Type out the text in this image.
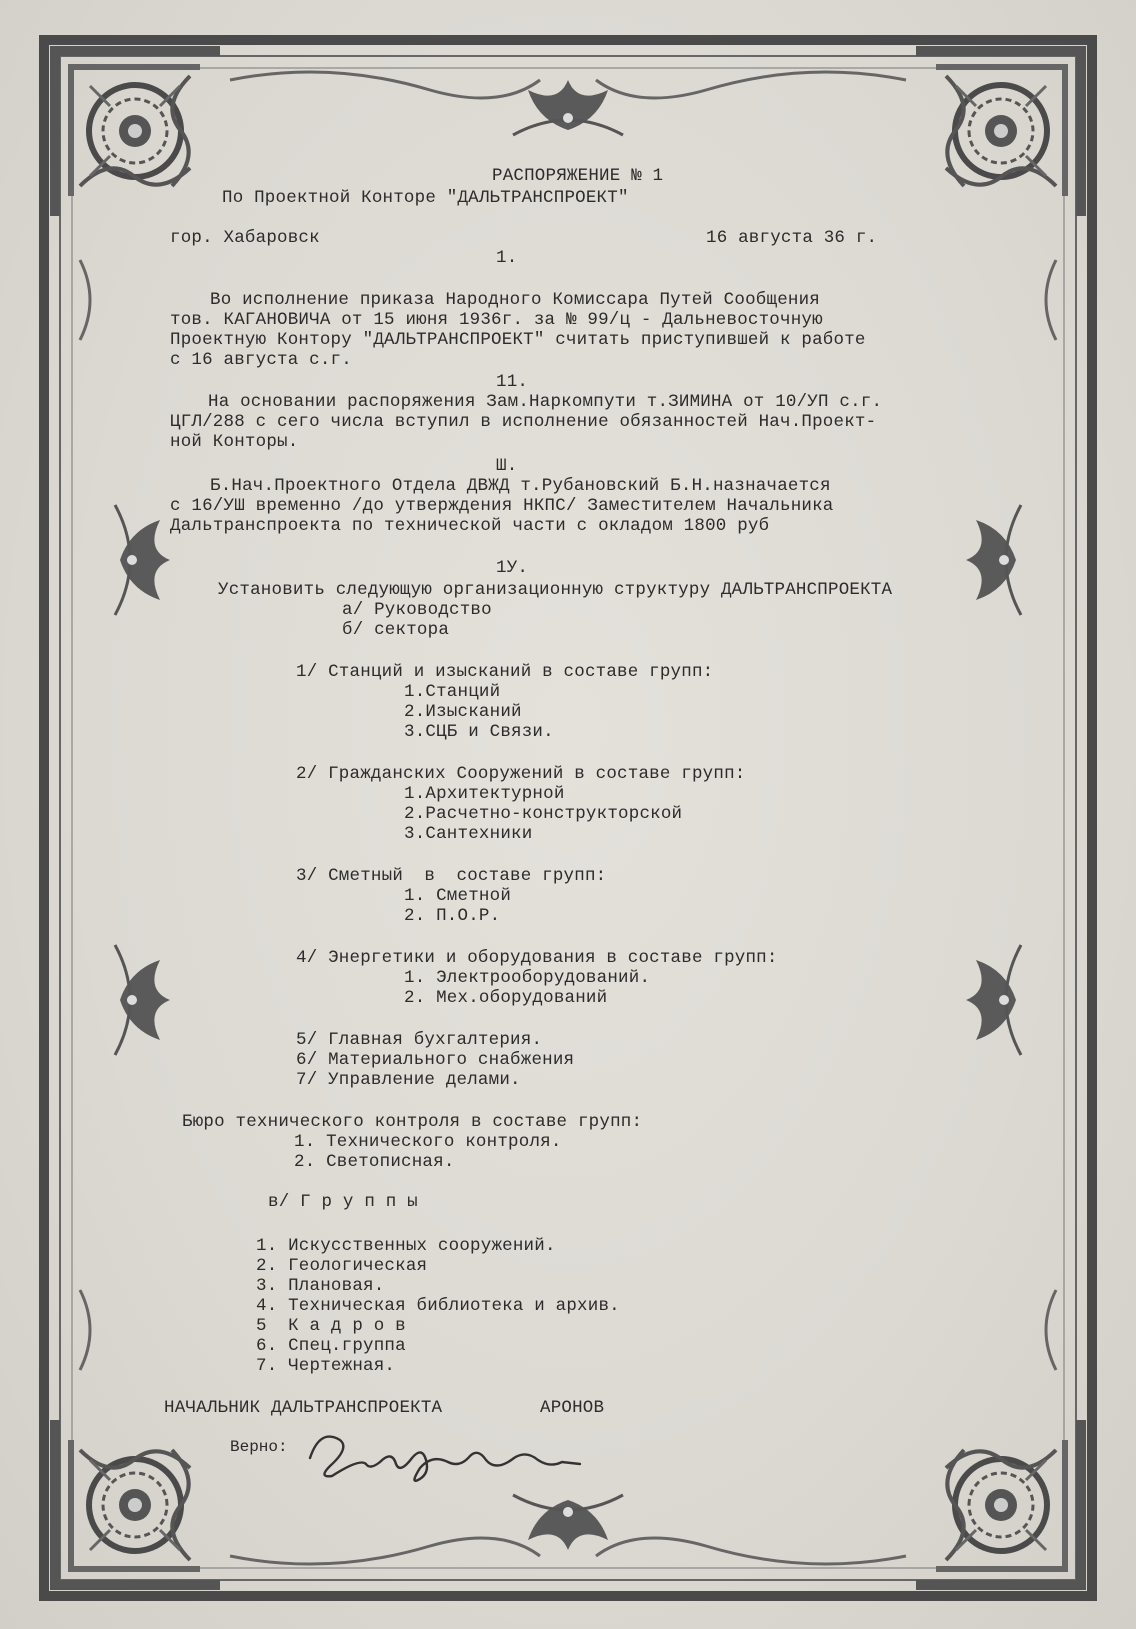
РАСПОРЯЖЕНИЕ № 1
По Проектной Конторе "ДАЛЬТРАНСПРОЕКТ"
гор. Хабаровск	16 августа 36 г.
1.
Во исполнение приказа Народного Комиссара Путей Сообщения
тов. КАГАНОВИЧА от 15 июня 1936г. за № 99/ц - Дальневосточную
Проектную Контору "ДАЛЬТРАНСПРОЕКТ" считать приступившей к работе
с 16 августа с.г.
11.
На основании распоряжения Зам.Наркомпути т.ЗИМИНА от 10/УП с.г.
ЦГЛ/288 с сего числа вступил в исполнение обязанностей Нач.Проект-
ной Конторы.
Ш.
Б.Нач.Проектного Отдела ДВЖД т.Рубановский Б.Н.назначается
с 16/УШ временно /до утверждения НКПС/ Заместителем Начальника
Дальтранспроекта по технической части с окладом 1800 руб
1У.
Установить следующую организационную структуру ДАЛЬТРАНСПРОЕКТА
а/ Руководство
б/ сектора
1/ Станций и изысканий в составе групп:
1.Станций
2.Изысканий
3.СЦБ и Связи.
2/ Гражданских Сооружений в составе групп:
1.Архитектурной
2.Расчетно-конструкторской
3.Сантехники
3/ Сметный  в  составе групп:
1. Сметной
2. П.О.Р.
4/ Энергетики и оборудования в составе групп:
1. Электрооборудований.
2. Мех.оборудований
5/ Главная бухгалтерия.
6/ Материального снабжения
7/ Управление делами.
Бюро технического контроля в составе групп:
1. Технического контроля.
2. Светописная.
в/ Г р у п п ы
1. Искусственных сооружений.
2. Геологическая
3. Плановая.
4. Техническая библиотека и архив.
5  К а д р о в
6. Спец.группа
7. Чертежная.
НАЧАЛЬНИК ДАЛЬТРАНСПРОЕКТА	АРОНОВ
Верно:
